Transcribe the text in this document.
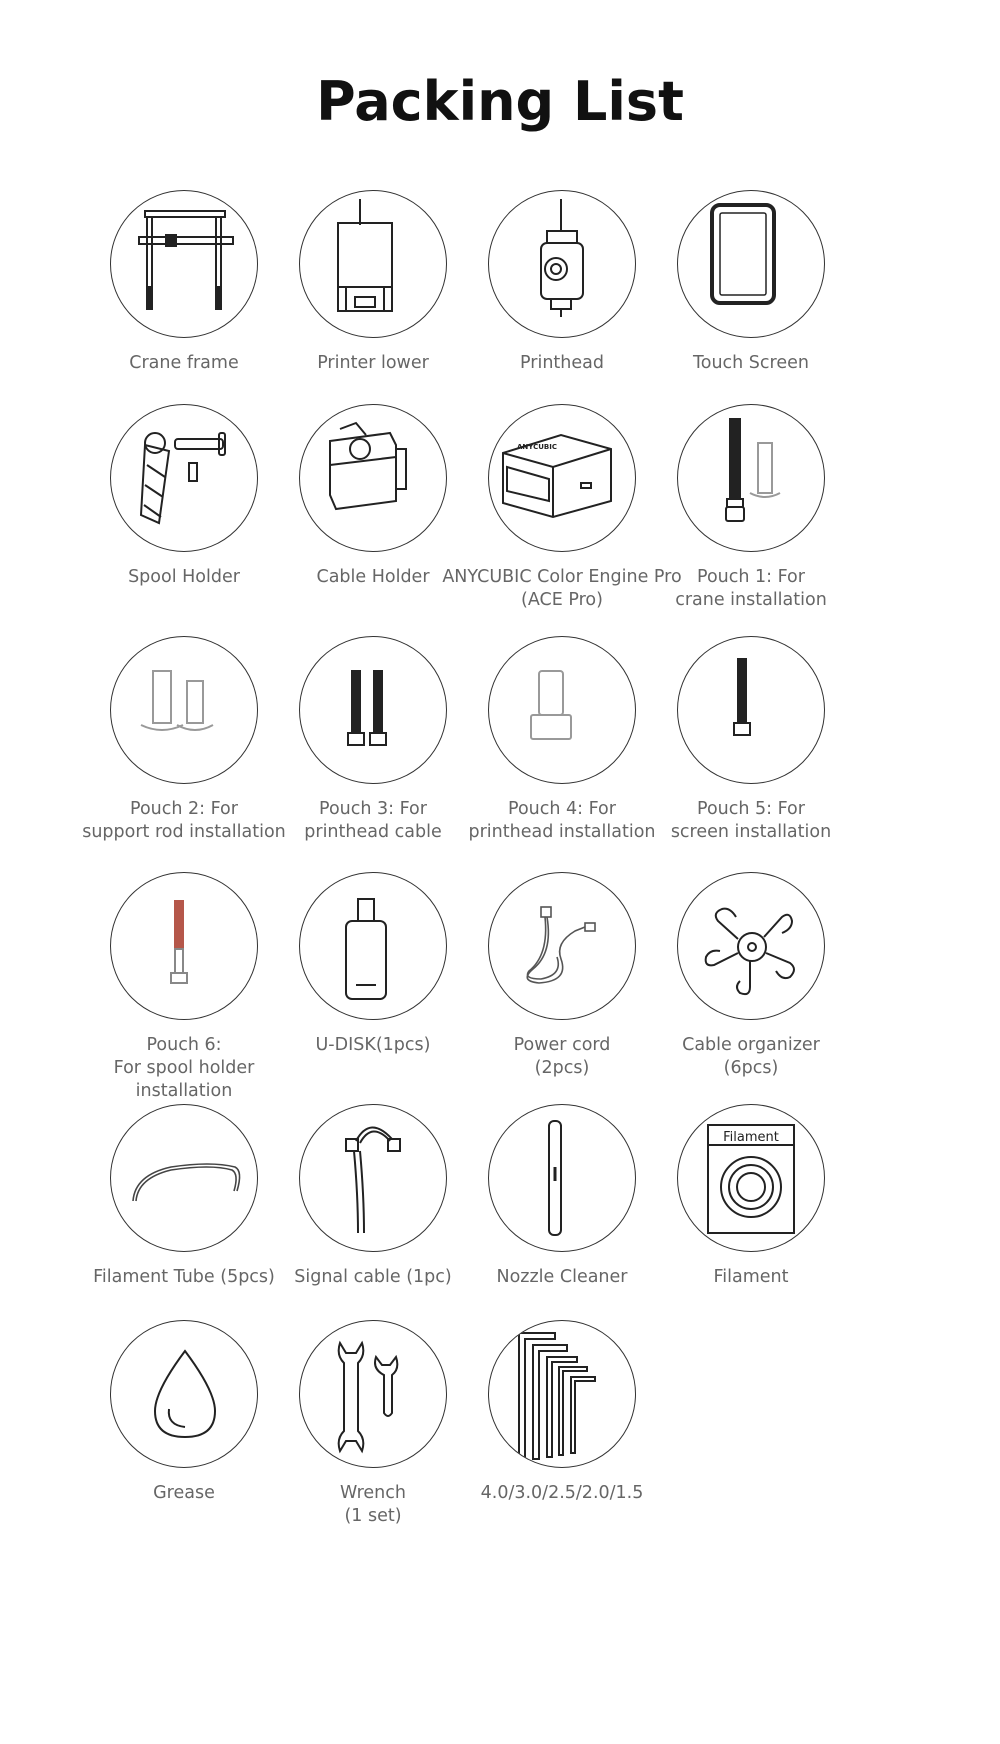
Packing List
Crane frame	Printer lower	Printhead	Touch Screen
Spool Holder	Cable Holder
ANYCUBIC
ANYCUBIC Color Engine Pro
(ACE Pro)
Pouch 1: For
crane installation
Pouch 2: For
support rod installation
Pouch 3: For
printhead cable
Pouch 4: For
printhead installation
Pouch 5: For
screen installation
Pouch 6:
For spool holder installation
U-DISK(1pcs)	Power cord
(2pcs)
Cable organizer
(6pcs)
Filament Tube (5pcs)	Signal cable (1pc)	Nozzle Cleaner
Filament
Filament
Grease	Wrench
(1 set)
4.0/3.0/2.5/2.0/1.5
